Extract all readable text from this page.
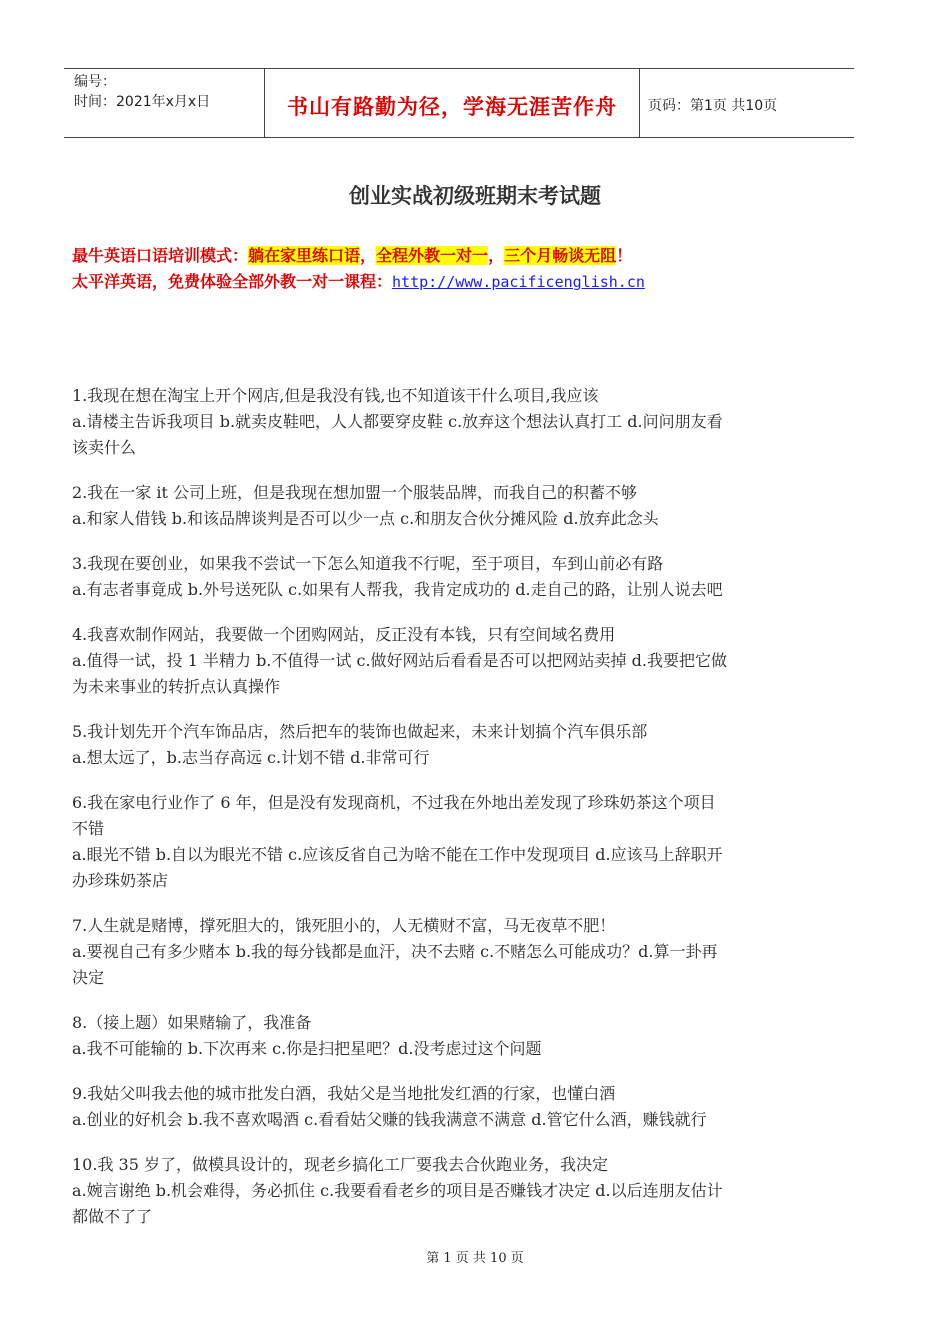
编号：
时间：2021年x月x日	书山有路勤为径，学海无涯苦作舟	页码：第1页 共10页
创业实战初级班期末考试题
最牛英语口语培训模式：躺在家里练口语，全程外教一对一，三个月畅谈无阻！
太平洋英语，免费体验全部外教一对一课程：http://www.pacificenglish.cn
1.我现在想在淘宝上开个网店,但是我没有钱,也不知道该干什么项目,我应该
a.请楼主告诉我项目 b.就卖皮鞋吧，人人都要穿皮鞋 c.放弃这个想法认真打工 d.问问朋友看
该卖什么
2.我在一家 it 公司上班，但是我现在想加盟一个服装品牌，而我自己的积蓄不够
a.和家人借钱 b.和该品牌谈判是否可以少一点 c.和朋友合伙分摊风险 d.放弃此念头
3.我现在要创业，如果我不尝试一下怎么知道我不行呢，至于项目，车到山前必有路
a.有志者事竟成 b.外号送死队 c.如果有人帮我，我肯定成功的 d.走自己的路，让别人说去吧
4.我喜欢制作网站，我要做一个团购网站，反正没有本钱，只有空间域名费用
a.值得一试，投 1 半精力 b.不值得一试 c.做好网站后看看是否可以把网站卖掉 d.我要把它做
为未来事业的转折点认真操作
5.我计划先开个汽车饰品店，然后把车的装饰也做起来，未来计划搞个汽车俱乐部
a.想太远了，b.志当存高远 c.计划不错 d.非常可行
6.我在家电行业作了 6 年，但是没有发现商机，不过我在外地出差发现了珍珠奶茶这个项目
不错
a.眼光不错 b.自以为眼光不错 c.应该反省自己为啥不能在工作中发现项目 d.应该马上辞职开
办珍珠奶茶店
7.人生就是赌博，撑死胆大的，饿死胆小的，人无横财不富，马无夜草不肥！
a.要视自己有多少赌本 b.我的每分钱都是血汗，决不去赌 c.不赌怎么可能成功？d.算一卦再
决定
8.（接上题）如果赌输了，我准备
a.我不可能输的 b.下次再来 c.你是扫把星吧？d.没考虑过这个问题
9.我姑父叫我去他的城市批发白酒，我姑父是当地批发红酒的行家，也懂白酒
a.创业的好机会 b.我不喜欢喝酒 c.看看姑父赚的钱我满意不满意 d.管它什么酒，赚钱就行
10.我 35 岁了，做模具设计的，现老乡搞化工厂要我去合伙跑业务，我决定
a.婉言谢绝 b.机会难得，务必抓住 c.我要看看老乡的项目是否赚钱才决定 d.以后连朋友估计
都做不了了
第 1 页 共 10 页
